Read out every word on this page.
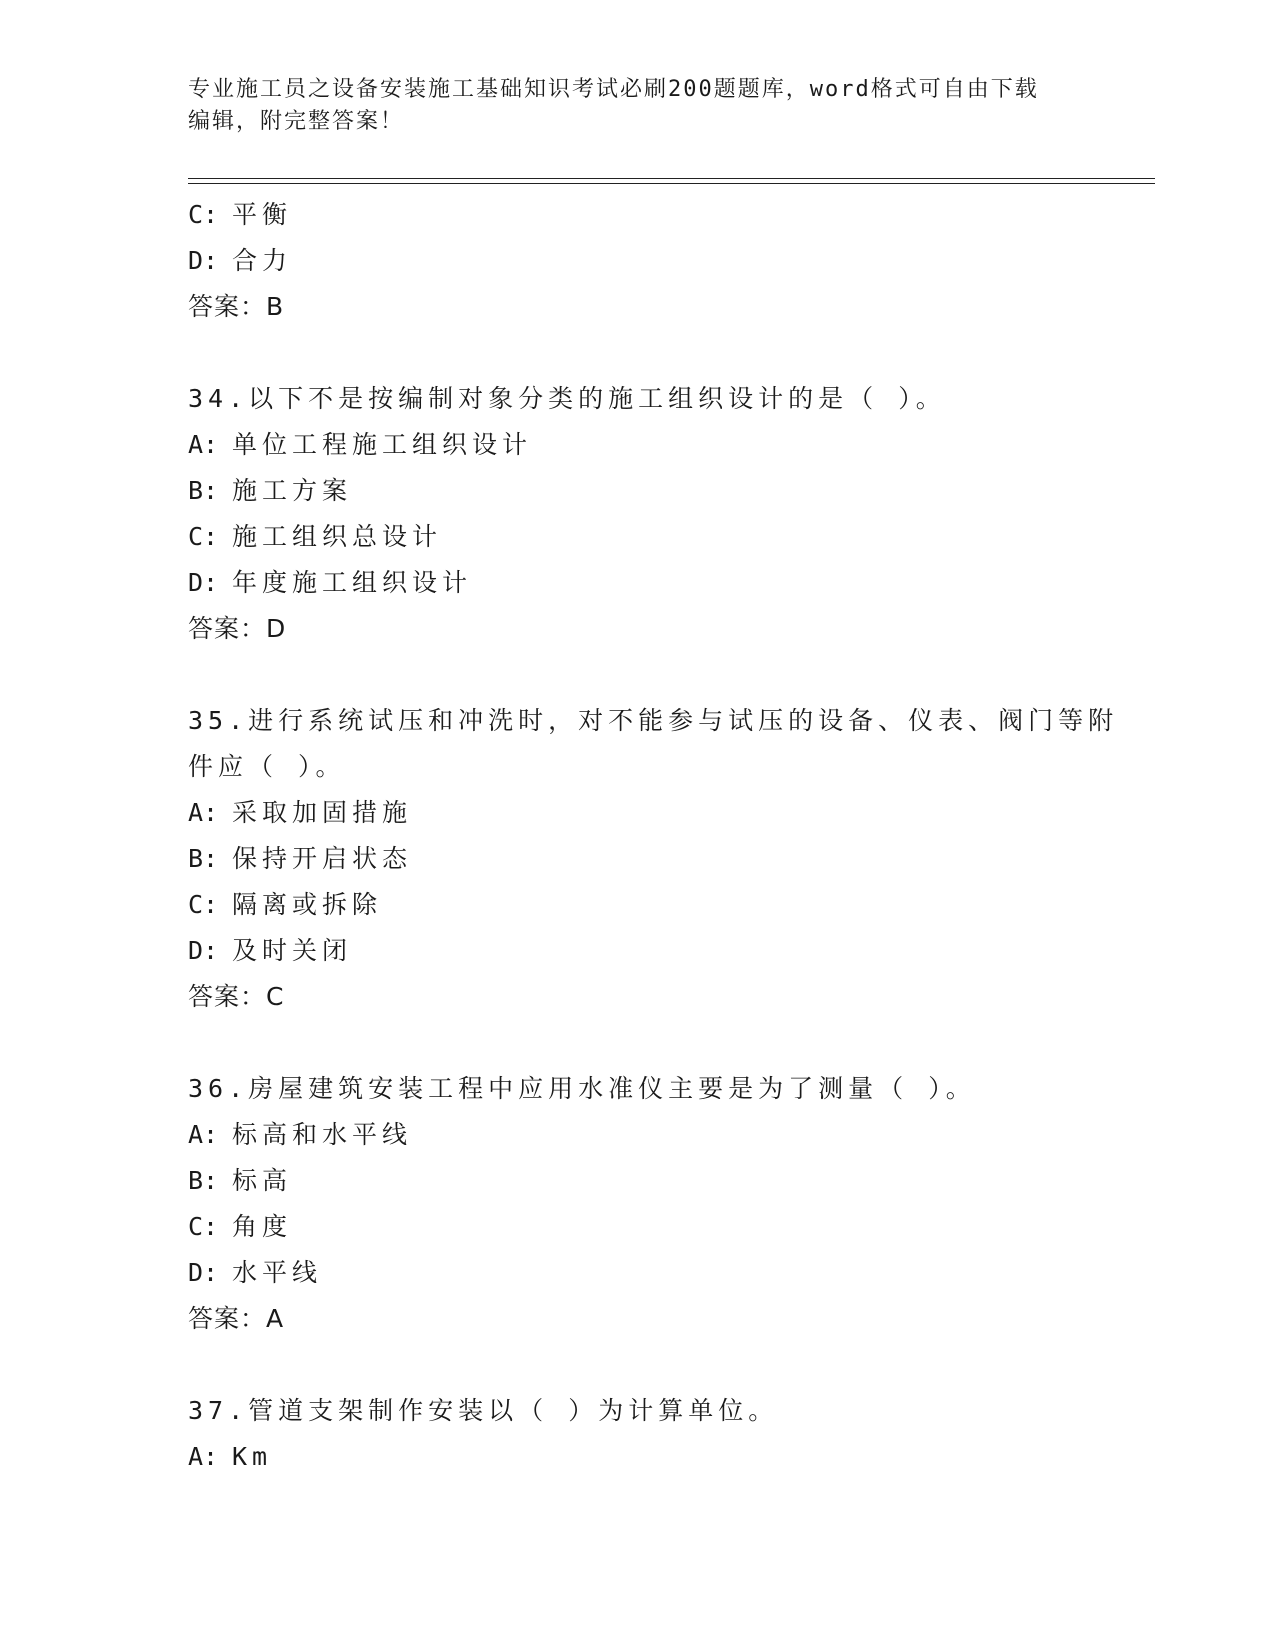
专业施工员之设备安装施工基础知识考试必刷200题题库，word格式可自由下载
编辑，附完整答案！
C: 平衡
D: 合力
答案：B
34.以下不是按编制对象分类的施工组织设计的是（ ）。
A: 单位工程施工组织设计
B: 施工方案
C: 施工组织总设计
D: 年度施工组织设计
答案：D
35.进行系统试压和冲洗时，对不能参与试压的设备、仪表、阀门等附
件应（ ）。
A: 采取加固措施
B: 保持开启状态
C: 隔离或拆除
D: 及时关闭
答案：C
36.房屋建筑安装工程中应用水准仪主要是为了测量（ ）。
A: 标高和水平线
B: 标高
C: 角度
D: 水平线
答案：A
37.管道支架制作安装以（ ）为计算单位。
A: Km
